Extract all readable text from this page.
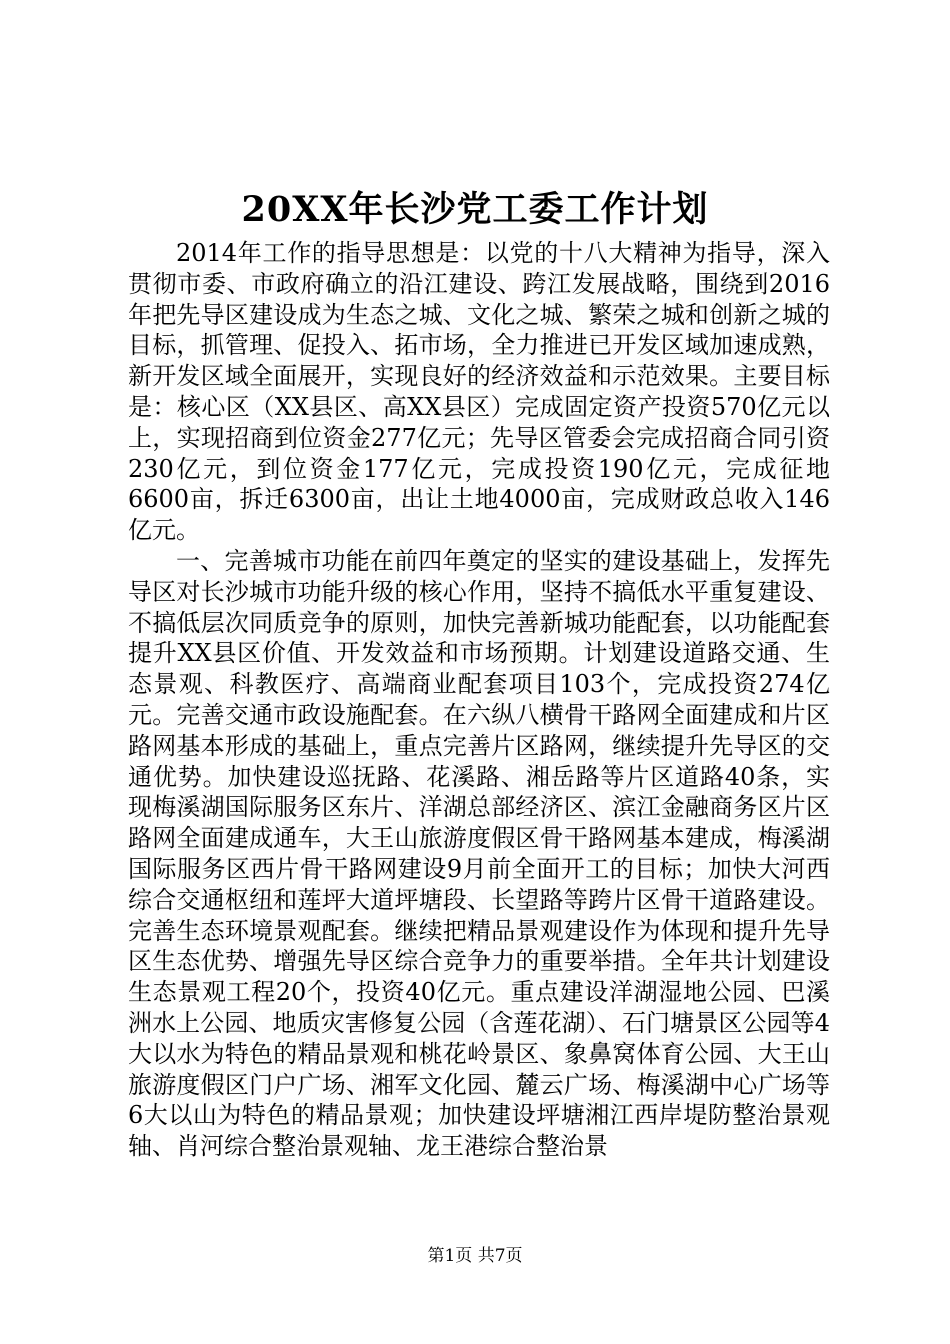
20XX年长沙党工委工作计划

2014年工作的指导思想是：以党的十八大精神为指导，深入贯彻市委、市政府确立的沿江建设、跨江发展战略，围绕到2016年把先导区建设成为生态之城、文化之城、繁荣之城和创新之城的目标，抓管理、促投入、拓市场，全力推进已开发区域加速成熟，新开发区域全面展开，实现良好的经济效益和示范效果。主要目标是：核心区（XX县区、高XX县区）完成固定资产投资570亿元以上，实现招商到位资金277亿元；先导区管委会完成招商合同引资230亿元，到位资金177亿元，完成投资190亿元，完成征地6600亩，拆迁6300亩，出让土地4000亩，完成财政总收入146亿元。

一、完善城市功能在前四年奠定的坚实的建设基础上，发挥先导区对长沙城市功能升级的核心作用，坚持不搞低水平重复建设、不搞低层次同质竞争的原则，加快完善新城功能配套，以功能配套提升XX县区价值、开发效益和市场预期。计划建设道路交通、生态景观、科教医疗、高端商业配套项目103个，完成投资274亿元。完善交通市政设施配套。在六纵八横骨干路网全面建成和片区路网基本形成的基础上，重点完善片区路网，继续提升先导区的交通优势。加快建设巡抚路、花溪路、湘岳路等片区道路40条，实现梅溪湖国际服务区东片、洋湖总部经济区、滨江金融商务区片区路网全面建成通车，大王山旅游度假区骨干路网基本建成，梅溪湖国际服务区西片骨干路网建设9月前全面开工的目标；加快大河西综合交通枢纽和莲坪大道坪塘段、长望路等跨片区骨干道路建设。完善生态环境景观配套。继续把精品景观建设作为体现和提升先导区生态优势、增强先导区综合竞争力的重要举措。全年共计划建设生态景观工程20个，投资40亿元。重点建设洋湖湿地公园、巴溪洲水上公园、地质灾害修复公园（含莲花湖）、石门塘景区公园等4大以水为特色的精品景观和桃花岭景区、象鼻窝体育公园、大王山旅游度假区门户广场、湘军文化园、麓云广场、梅溪湖中心广场等6大以山为特色的精品景观；加快建设坪塘湘江西岸堤防整治景观轴、肖河综合整治景观轴、龙王港综合整治景

第1页 共7页
